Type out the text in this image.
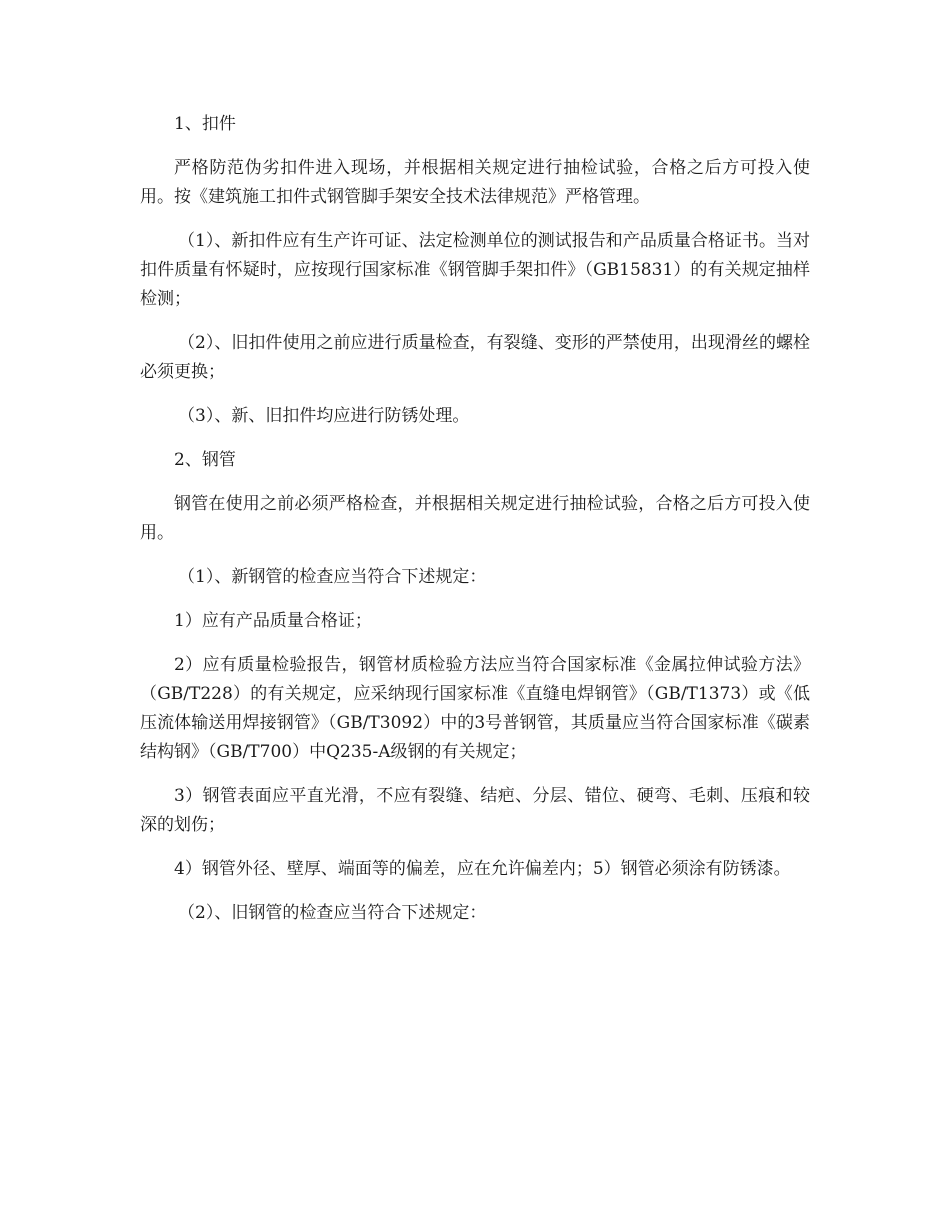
1、扣件

严格防范伪劣扣件进入现场，并根据相关规定进行抽检试验，合格之后方可投入使用。按《建筑施工扣件式钢管脚手架安全技术法律规范》严格管理。

（1）、新扣件应有生产许可证、法定检测单位的测试报告和产品质量合格证书。当对扣件质量有怀疑时，应按现行国家标准《钢管脚手架扣件》（GB15831）的有关规定抽样检测；

（2）、旧扣件使用之前应进行质量检查，有裂缝、变形的严禁使用，出现滑丝的螺栓必须更换；

（3）、新、旧扣件均应进行防锈处理。

2、钢管

钢管在使用之前必须严格检查，并根据相关规定进行抽检试验，合格之后方可投入使用。

（1）、新钢管的检查应当符合下述规定：

1）应有产品质量合格证；

2）应有质量检验报告，钢管材质检验方法应当符合国家标准《金属拉伸试验方法》（GB/T228）的有关规定，应采纳现行国家标准《直缝电焊钢管》（GB/T1373）或《低压流体输送用焊接钢管》（GB/T3092）中的3号普钢管，其质量应当符合国家标准《碳素结构钢》（GB/T700）中Q235-A级钢的有关规定；

3）钢管表面应平直光滑，不应有裂缝、结疤、分层、错位、硬弯、毛刺、压痕和较深的划伤；

4）钢管外径、壁厚、端面等的偏差，应在允许偏差内；5）钢管必须涂有防锈漆。

（2）、旧钢管的检查应当符合下述规定：
